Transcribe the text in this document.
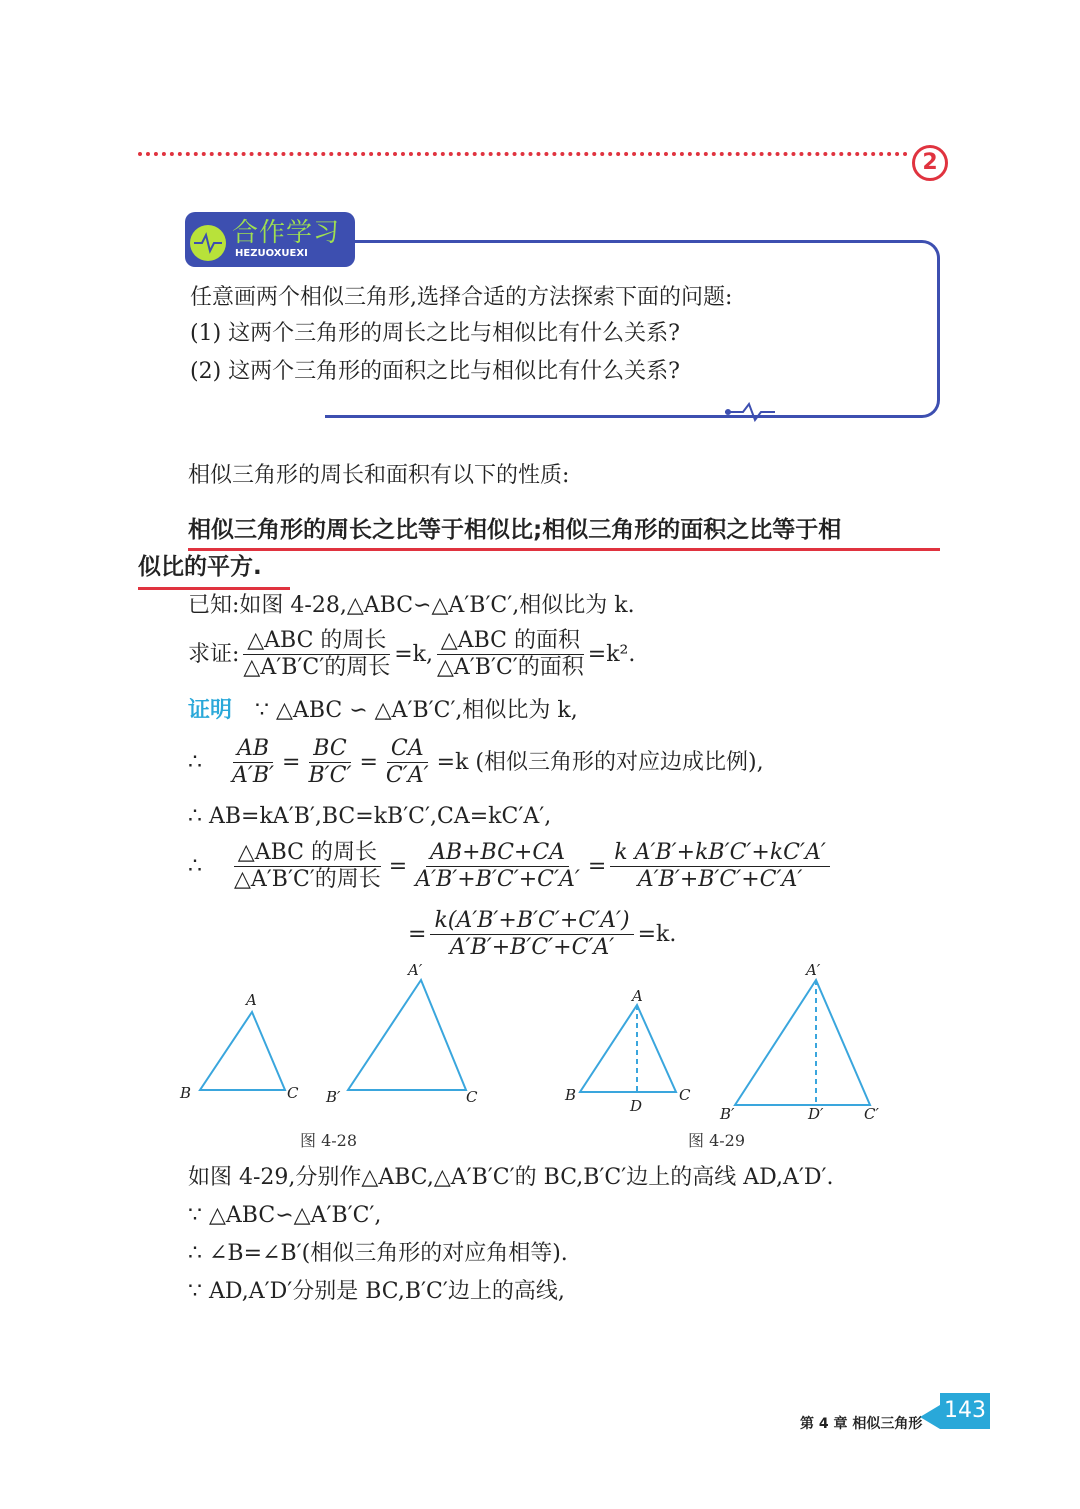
2
合作学习
HEZUOXUEXI
任意画两个相似三角形,选择合适的方法探索下面的问题:
(1) 这两个三角形的周长之比与相似比有什么关系?
(2) 这两个三角形的面积之比与相似比有什么关系?
相似三角形的周长和面积有以下的性质:
相似三角形的周长之比等于相似比;相似三角形的面积之比等于相
似比的平方.
已知:如图 4-28,△ABC∽△A′B′C′,相似比为 k.
求证: $\frac{\text{△ABC 的周长}}{\text{△A′B′C′的周长}} =k$, $\frac{\text{△ABC 的面积}}{\text{△A′B′C′的面积}} =k^2$.
证明 ∵ △ABC ∽ △A′B′C′,相似比为 k,
∴	$\frac{AB}{A'B'} = \frac{BC}{B'C'} = \frac{CA}{C'A'} =k$ (相似三角形的对应边成比例),
∴ AB=kA′B′,BC=kB′C′,CA=kC′A′,
∴	$\frac{\text{△ABC 的周长}}{\text{△A′B′C′的周长}} = \frac{AB+BC+CA}{A'B'+B'C'+C'A'} = \frac{\text{k A′B′+kB′C′+kC′A′}}{A'B'+B'C'+C'A'}$
= $\frac{k(A'B'+B'C'+C'A')}{A'B'+B'C'+C'A'} =k$.
A
B	C
A′
B′	C
A
B	C
D
A′
B′	C′
D′
图 4-28	图 4-29
如图 4-29,分别作△ABC,△A′B′C′的 BC,B′C′边上的高线 AD,A′D′.
∵ △ABC∽△A′B′C′,
∴ ∠B=∠B′(相似三角形的对应角相等).
∵ AD,A′D′分别是 BC,B′C′边上的高线,
第 4 章 相似三角形
143
